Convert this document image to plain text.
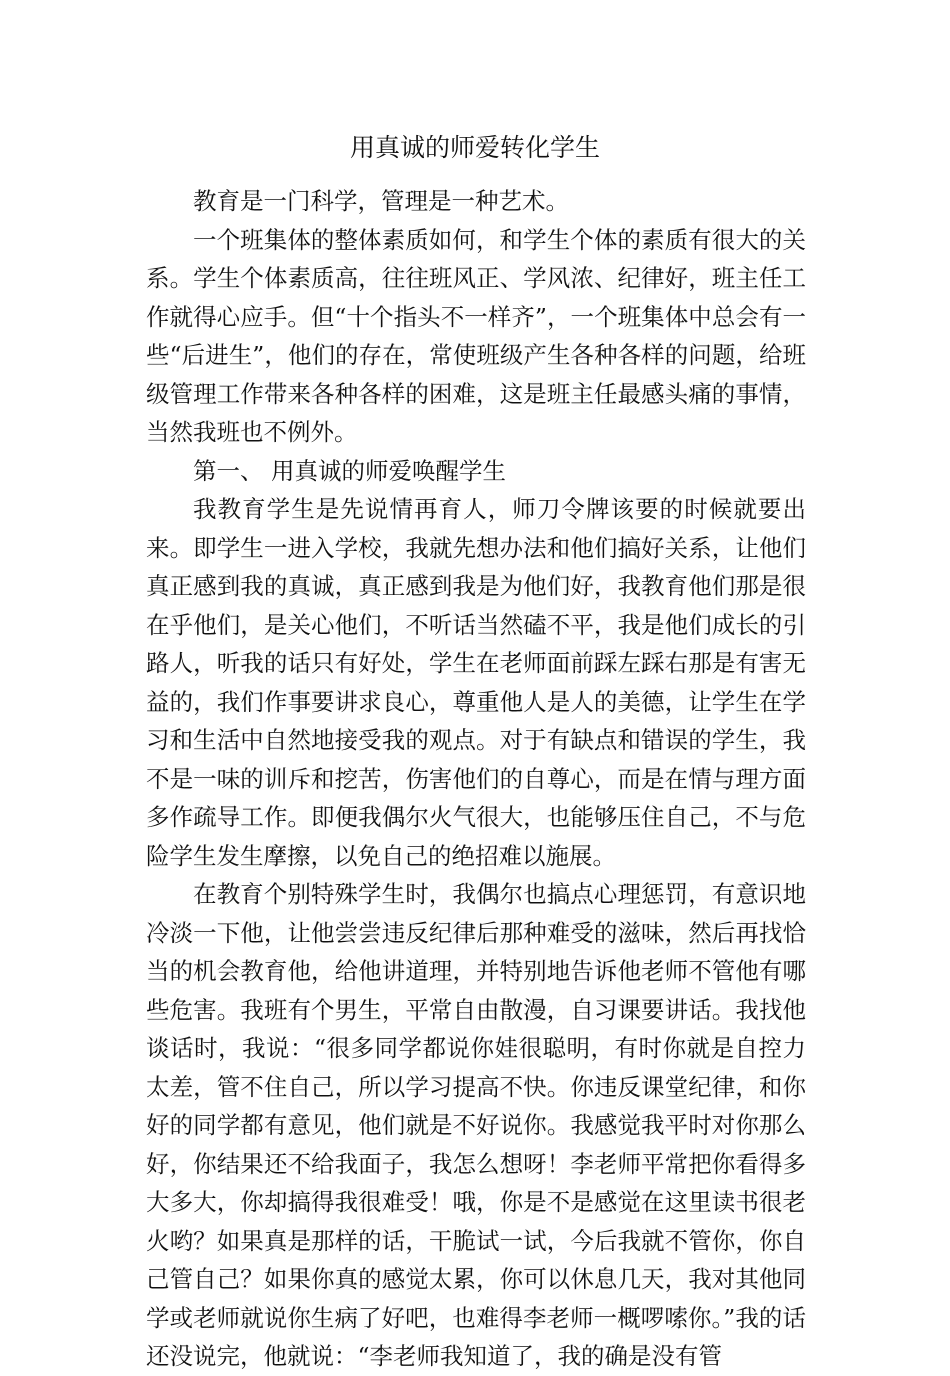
用真诚的师爱转化学生

教育是一门科学，管理是一种艺术。

一个班集体的整体素质如何，和学生个体的素质有很大的关系。学生个体素质高，往往班风正、学风浓、纪律好，班主任工作就得心应手。但“十个指头不一样齐”，一个班集体中总会有一些“后进生”，他们的存在，常使班级产生各种各样的问题，给班级管理工作带来各种各样的困难，这是班主任最感头痛的事情，当然我班也不例外。

第一、 用真诚的师爱唤醒学生

我教育学生是先说情再育人，师刀令牌该要的时候就要出来。即学生一进入学校，我就先想办法和他们搞好关系，让他们真正感到我的真诚，真正感到我是为他们好，我教育他们那是很在乎他们，是关心他们，不听话当然磕不平，我是他们成长的引路人，听我的话只有好处，学生在老师面前踩左踩右那是有害无益的，我们作事要讲求良心，尊重他人是人的美德，让学生在学习和生活中自然地接受我的观点。对于有缺点和错误的学生，我不是一味的训斥和挖苦，伤害他们的自尊心，而是在情与理方面多作疏导工作。即便我偶尔火气很大，也能够压住自己，不与危险学生发生摩擦，以免自己的绝招难以施展。

在教育个别特殊学生时，我偶尔也搞点心理惩罚，有意识地冷淡一下他，让他尝尝违反纪律后那种难受的滋味，然后再找恰当的机会教育他，给他讲道理，并特别地告诉他老师不管他有哪些危害。我班有个男生，平常自由散漫，自习课要讲话。我找他谈话时，我说：“很多同学都说你娃很聪明，有时你就是自控力太差，管不住自己，所以学习提高不快。你违反课堂纪律，和你好的同学都有意见，他们就是不好说你。我感觉我平时对你那么好，你结果还不给我面子，我怎么想呀！李老师平常把你看得多大多大，你却搞得我很难受！哦，你是不是感觉在这里读书很老火哟？如果真是那样的话，干脆试一试，今后我就不管你，你自己管自己？如果你真的感觉太累，你可以休息几天，我对其他同学或老师就说你生病了好吧，也难得李老师一概啰嗦你。”我的话还没说完，他就说：“李老师我知道了，我的确是没有管
